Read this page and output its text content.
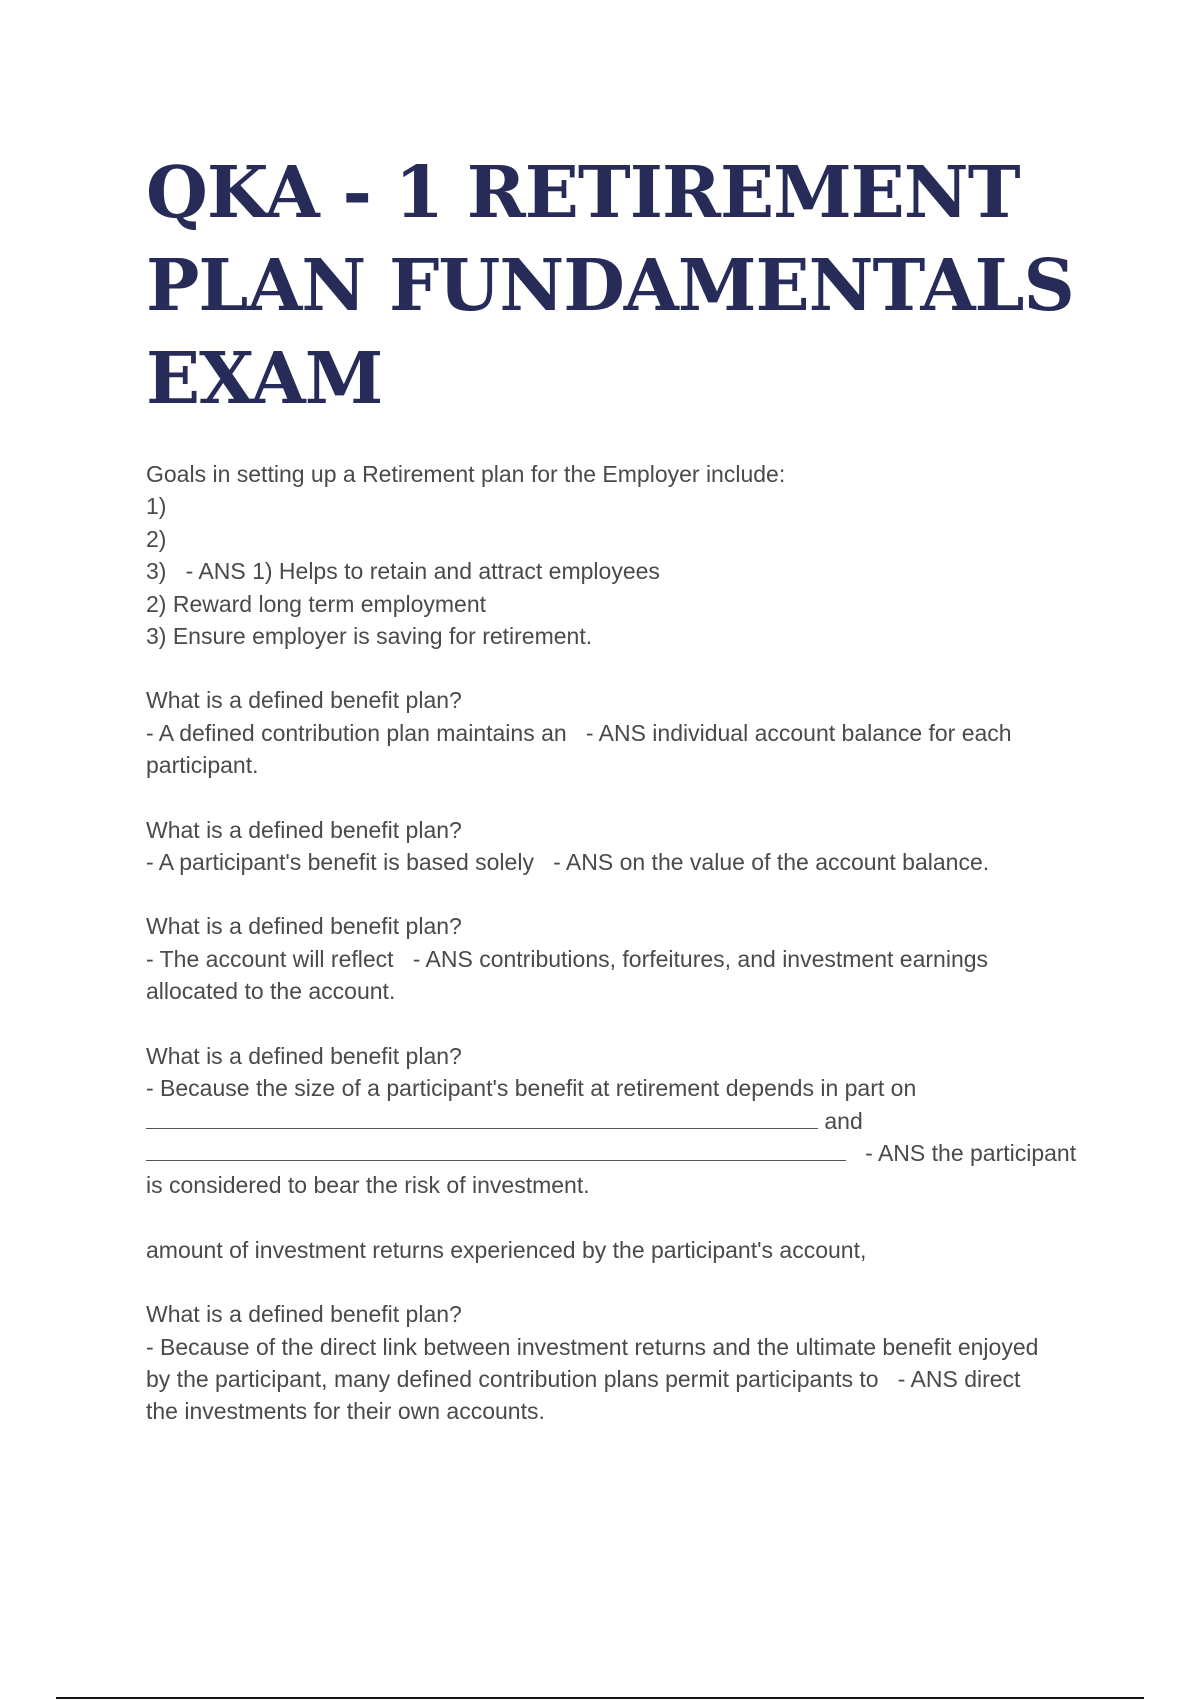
QKA - 1 RETIREMENT PLAN FUNDAMENTALS EXAM
Goals in setting up a Retirement plan for the Employer include:
1)
2)
3)   - ANS 1) Helps to retain and attract employees
2) Reward long term employment
3) Ensure employer is saving for retirement.
What is a defined benefit plan?
- A defined contribution plan maintains an   - ANS individual account balance for each
participant.
What is a defined benefit plan?
- A participant's benefit is based solely   - ANS on the value of the account balance.
What is a defined benefit plan?
- The account will reflect   - ANS contributions, forfeitures, and investment earnings
allocated to the account.
What is a defined benefit plan?
- Because the size of a participant's benefit at retirement depends in part on
and
- ANS the participant
is considered to bear the risk of investment.
amount of investment returns experienced by the participant's account,
What is a defined benefit plan?
- Because of the direct link between investment returns and the ultimate benefit enjoyed
by the participant, many defined contribution plans permit participants to   - ANS direct
the investments for their own accounts.
